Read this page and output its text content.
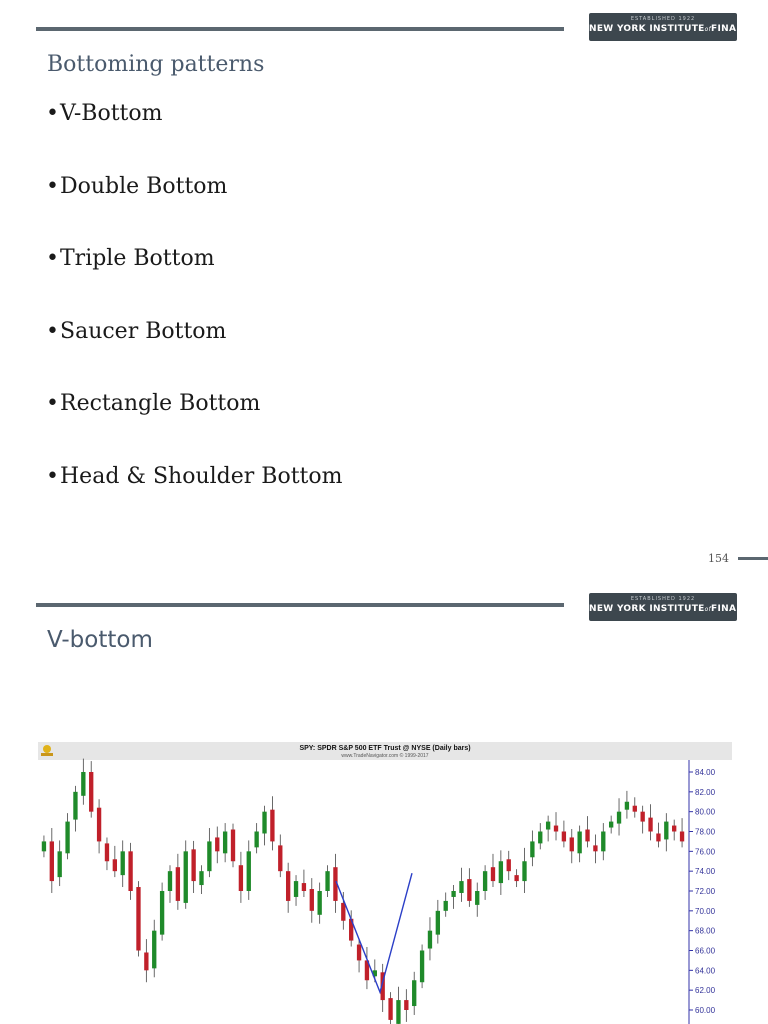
ESTABLISHED 1922
NEW YORK INSTITUTEofFINANCE
Bottoming patterns
•V-Bottom
•Double Bottom
•Triple Bottom
•Saucer Bottom
•Rectangle Bottom
•Head & Shoulder Bottom
154
ESTABLISHED 1922
NEW YORK INSTITUTEofFINANCE
V-bottom
SPY: SPDR S&P 500 ETF Trust @ NYSE (Daily bars)
www.TradeNavigator.com © 1999-2017
84.00
82.00
80.00
78.00
76.00
74.00
72.00
70.00
68.00
66.00
64.00
62.00
60.00
